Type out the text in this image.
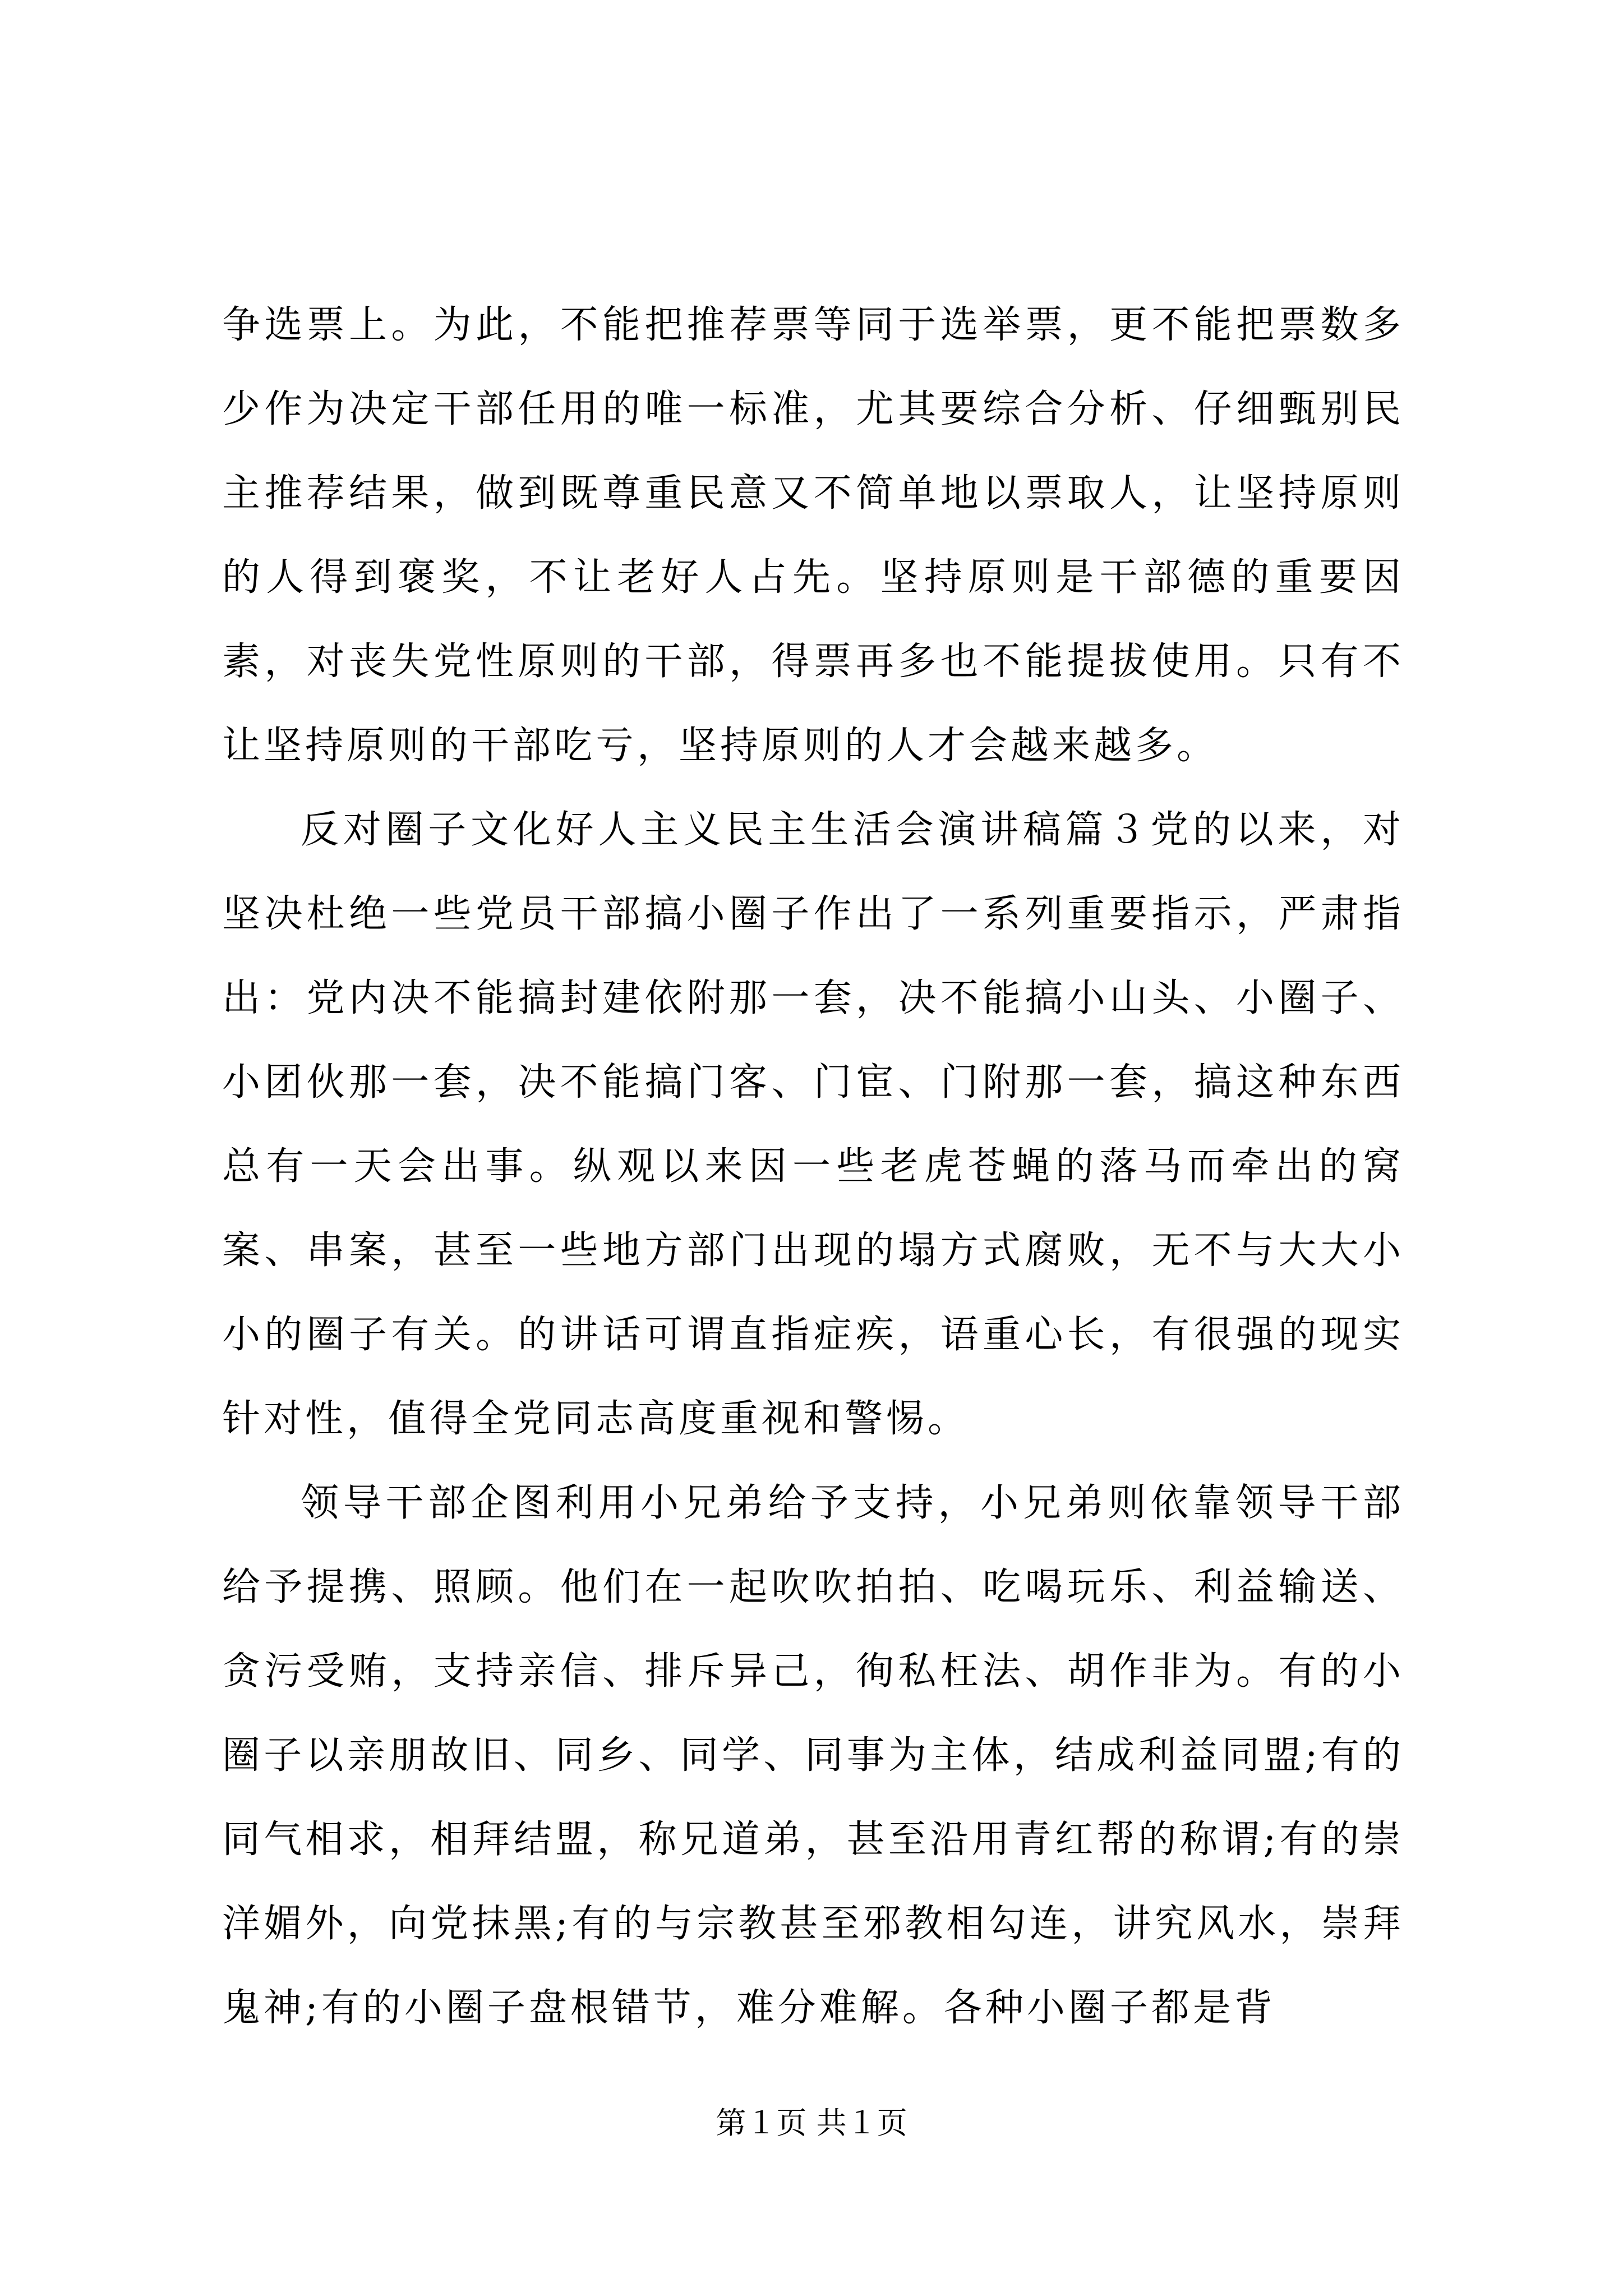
争选票上。为此，不能把推荐票等同于选举票，更不能把票数多少作为决定干部任用的唯一标准，尤其要综合分析、仔细甄别民主推荐结果，做到既尊重民意又不简单地以票取人，让坚持原则的人得到褒奖，不让老好人占先。坚持原则是干部德的重要因素，对丧失党性原则的干部，得票再多也不能提拔使用。只有不让坚持原则的干部吃亏，坚持原则的人才会越来越多。

反对圈子文化好人主义民主生活会演讲稿篇３党的以来，对坚决杜绝一些党员干部搞小圈子作出了一系列重要指示，严肃指出：党内决不能搞封建依附那一套，决不能搞小山头、小圈子、小团伙那一套，决不能搞门客、门宦、门附那一套，搞这种东西总有一天会出事。纵观以来因一些老虎苍蝇的落马而牵出的窝案、串案，甚至一些地方部门出现的塌方式腐败，无不与大大小小的圈子有关。的讲话可谓直指症疾，语重心长，有很强的现实针对性，值得全党同志高度重视和警惕。

领导干部企图利用小兄弟给予支持，小兄弟则依靠领导干部给予提携、照顾。他们在一起吹吹拍拍、吃喝玩乐、利益输送、贪污受贿，支持亲信、排斥异己，徇私枉法、胡作非为。有的小圈子以亲朋故旧、同乡、同学、同事为主体，结成利益同盟;有的同气相求，相拜结盟，称兄道弟，甚至沿用青红帮的称谓;有的崇洋媚外，向党抹黑;有的与宗教甚至邪教相勾连，讲究风水，崇拜鬼神;有的小圈子盘根错节，难分难解。各种小圈子都是背

第１页 共１页
